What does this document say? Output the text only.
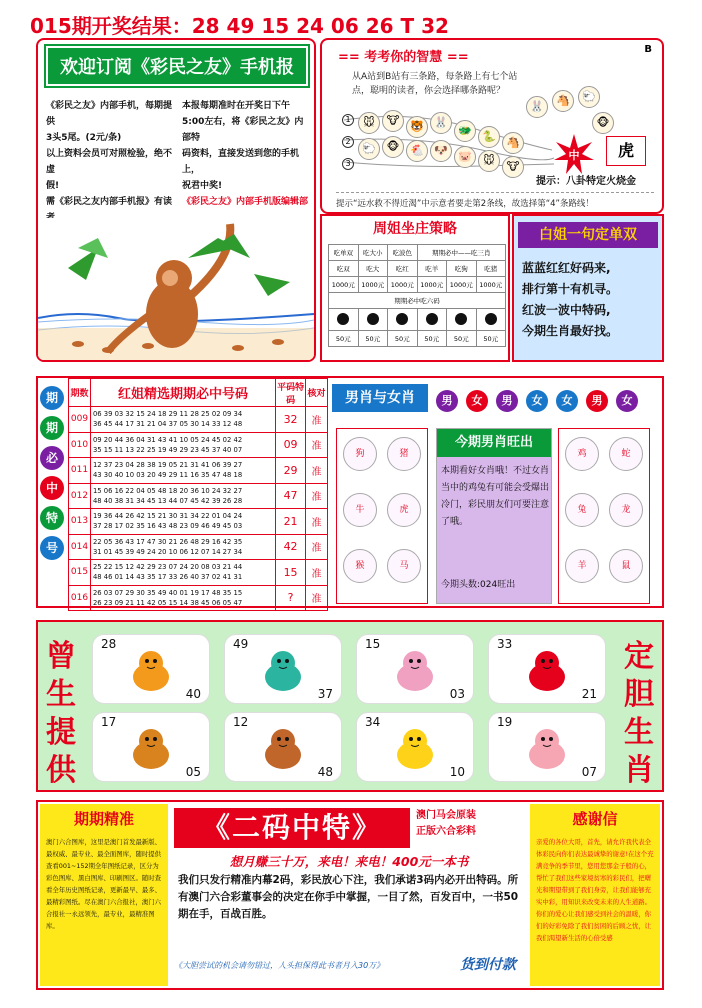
015期开奖结果：28 49 15 24 06 26 T 32
欢迎订阅《彩民之友》手机报
《彩民之友》内部手机，每期提供
3头5尾。(2元/条)
以上资料会员可对照检验，绝不虚
假!
需《彩民之友内部手机报》有读
本报每期准时在开奖日下午
5:00左右，将《彩民之友》内部特
码资料，直接发送到您的手机上，
祝君中奖!
《彩民之友》内部手机版编辑部
== 考考你的智慧 ==
B
从A站到B站有三条路，每条路上有七个站点，聪明的读者，你会选择哪条路呢？
1
2
3
🐭	🐮 🐯 🐰
🐲 🐍 🐴
🐑 🐵 🐔 🐶 🐷	🐭	🐮
🐰	🐴	🐑
🐵
中	虎
提示：八卦特定火烧金
提示“远水救不得近渴”中示意者要走第2条线，故选择第“4”条路线！
周姐坐庄策略
吃单双	吃大小	吃波色	期期必中——吃三肖		
吃双	吃大	吃红	吃羊	吃狗	吃猪
1000元	1000元	1000元	1000元	1000元	1000元
期期必中吃六码					

50元	50元	50元	50元	50元	50元
白姐一句定单双
蓝蓝红红好码来,
排行第十有机寻。
红波一波中特码,
今期生肖最好找。
期
期
必
中
特
号
期数	红姐精选期期必中号码	平码特码	核对
009	06 39 03 32 15 24 18 29 11 28 25 02 09 34
36 45 44 17 31 21 04 37 05 30 14 33 12 48	32	准
010	09 20 44 36 04 31 43 41 10 05 24 45 02 42
35 15 11 13 22 25 19 49 29 23 45 37 40 07	09	准
011	12 37 23 04 28 38 19 05 21 31 41 06 39 27
43 30 40 10 03 20 49 29 11 16 35 47 48 18	29	准
012	15 06 16 22 04 05 48 18 20 36 10 24 32 27
48 40 38 31 34 45 13 44 07 45 42 39 26 28	47	准
013	19 36 44 26 42 15 21 30 31 34 22 01 04 24
37 28 17 02 35 16 43 48 23 09 46 49 45 03	21	准
014	22 05 36 43 17 47 30 21 26 48 29 16 42 35
31 01 45 39 49 24 20 10 06 12 07 14 27 34	42	准
015	25 22 15 12 42 29 23 07 24 20 08 03 21 44
48 46 01 14 43 35 17 33 26 40 37 02 41 31	15	准
016	26 03 07 29 30 35 49 40 01 19 17 48 35 15
26 23 09 21 11 42 05 15 14 38 45 06 05 47	?	准
男肖与女肖	男	女	男	女	女	男	女
狗	猪
牛	虎
猴	马
今期男肖旺出
本期看好女肖哦！不过女肖当中的鸡兔有可能会受爆出冷门，彩民朋友们可要注意了哦。
今期头数:024旺出
鸡	蛇
兔	龙
羊	鼠
曾
生
提
供
定
胆
生
肖
28
40
49
37
15
03
33
21
17
05
12
48
34
10
19
07
期期精准
澳门六合图库，这里是澳门首发最新版、最权威、最专业、最全面图库，随时提供查看001~152期全年图纸记录，区分为彩色图库、黑白图库、印刷图区。随时查看全年历史图纸记录，更新最早、最多、最精彩图纸。尽在澳门六合报社，澳门六合报社一永远领先，最专业，最精准图库。
《二码中特》	澳门马会原装
正版六合彩料
想月赚三十万，来电！来电！400元一本书
我们只发行精准内幕2码，彩民放心下注，我们承诺3码内必开出特码。所有澳门六合彩董事会的决定在你手中掌握，一目了然，百发百中，一书50期在手，百战百胜。
《大胆尝试的机会请勿错过，人头担保得此书者月入30万》	货到付款
感谢信
亲爱的各位大哥，首先，请允许我代表全体彩民向你们表达最诚挚的谢意!在这个充满竞争的季节里，您用您那金子般的心，帮忙了我们这些家境贫寒的彩民们，把曙光和期望带到了我们身旁，让我们能够充实中彩，用知识来改变未来的人生道路。你们的爱心让我们感受到社会的温暖，你们的好彩免除了我们贫困的后顾之忧，让我们渴望新生活的心倍受感
